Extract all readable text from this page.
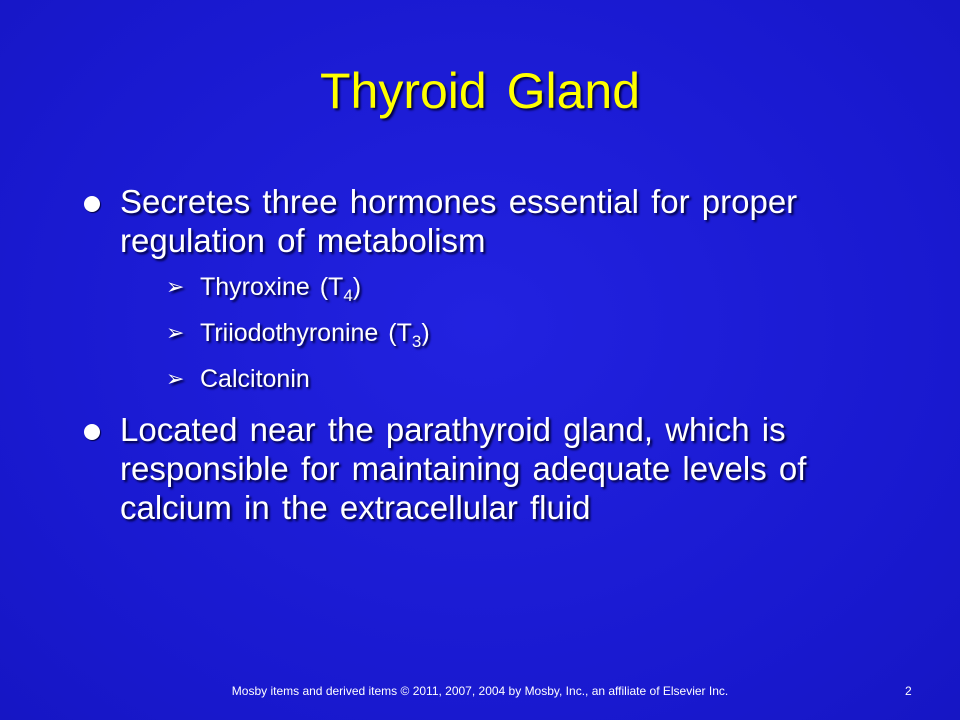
Thyroid Gland
Secretes three hormones essential for proper regulation of metabolism
➢ Thyroxine $(T_4)$
➢ Triiodothyronine $(T_3)$
➢ Calcitonin
Located near the parathyroid gland, which is responsible for maintaining adequate levels of calcium in the extracellular fluid
Mosby items and derived items © 2011, 2007, 2004 by Mosby, Inc., an affiliate of Elsevier Inc.	2
